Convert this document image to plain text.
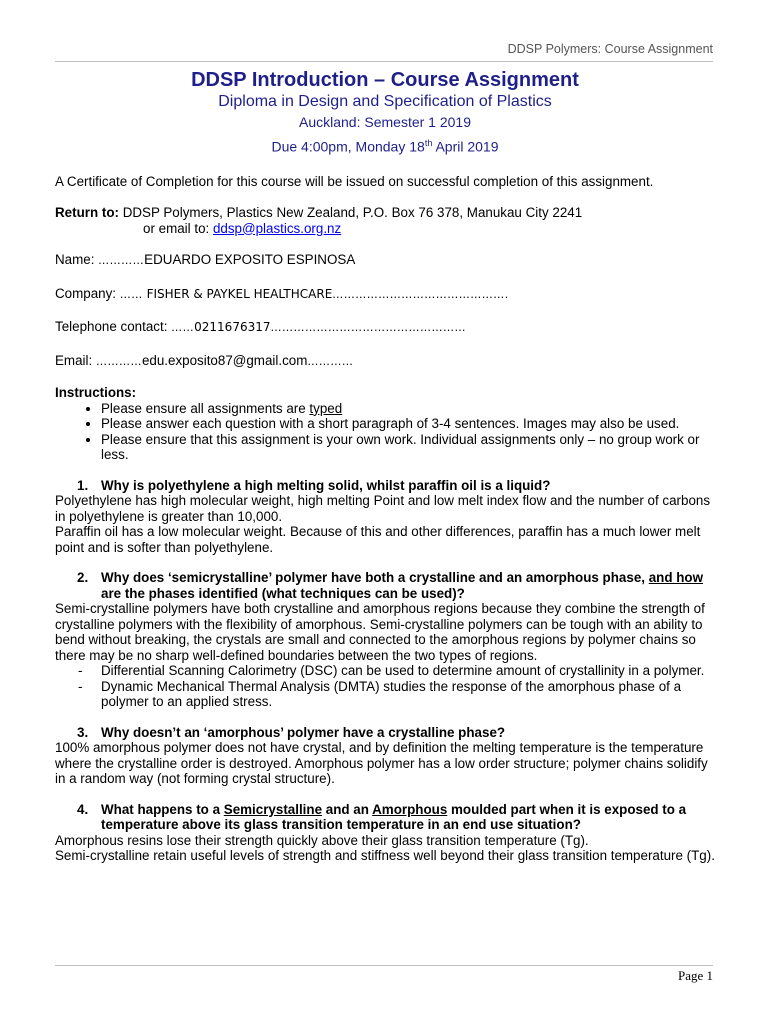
DDSP Polymers: Course Assignment
DDSP Introduction – Course Assignment
Diploma in Design and Specification of Plastics
Auckland: Semester 1 2019
Due 4:00pm, Monday 18th April 2019

A Certificate of Completion for this course will be issued on successful completion of this assignment.

Return to: DDSP Polymers, Plastics New Zealand, P.O. Box 76 378, Manukau City 2241

or email to: ddsp@plastics.org.nz

Name: …………EDUARDO EXPOSITO ESPINOSA

Company: …… FISHER & PAYKEL HEALTHCARE……………………………………….

Telephone contact: ……0211676317……………………………………………

Email: …………edu.exposito87@gmail.com…………

Instructions:

• Please ensure all assignments are typed
• Please answer each question with a short paragraph of 3-4 sentences. Images may also be used.
• Please ensure that this assignment is your own work. Individual assignments only – no group work or less.

1. Why is polyethylene a high melting solid, whilst paraffin oil is a liquid?

Polyethylene has high molecular weight, high melting Point and low melt index flow and the number of carbons in polyethylene is greater than 10,000.

Paraffin oil has a low molecular weight. Because of this and other differences, paraffin has a much lower melt point and is softer than polyethylene.

2. Why does ‘semicrystalline’ polymer have both a crystalline and an amorphous phase, and how are the phases identified (what techniques can be used)?

Semi-crystalline polymers have both crystalline and amorphous regions because they combine the strength of crystalline polymers with the flexibility of amorphous. Semi-crystalline polymers can be tough with an ability to bend without breaking, the crystals are small and connected to the amorphous regions by polymer chains so there may be no sharp well-defined boundaries between the two types of regions.

- Differential Scanning Calorimetry (DSC) can be used to determine amount of crystallinity in a polymer.

- Dynamic Mechanical Thermal Analysis (DMTA) studies the response of the amorphous phase of a polymer to an applied stress.

3. Why doesn’t an ‘amorphous’ polymer have a crystalline phase?

100% amorphous polymer does not have crystal, and by definition the melting temperature is the temperature where the crystalline order is destroyed. Amorphous polymer has a low order structure; polymer chains solidify in a random way (not forming crystal structure).

4. What happens to a Semicrystalline and an Amorphous moulded part when it is exposed to a temperature above its glass transition temperature in an end use situation?

Amorphous resins lose their strength quickly above their glass transition temperature (Tg).

Semi-crystalline retain useful levels of strength and stiffness well beyond their glass transition temperature (Tg).

Page 1
